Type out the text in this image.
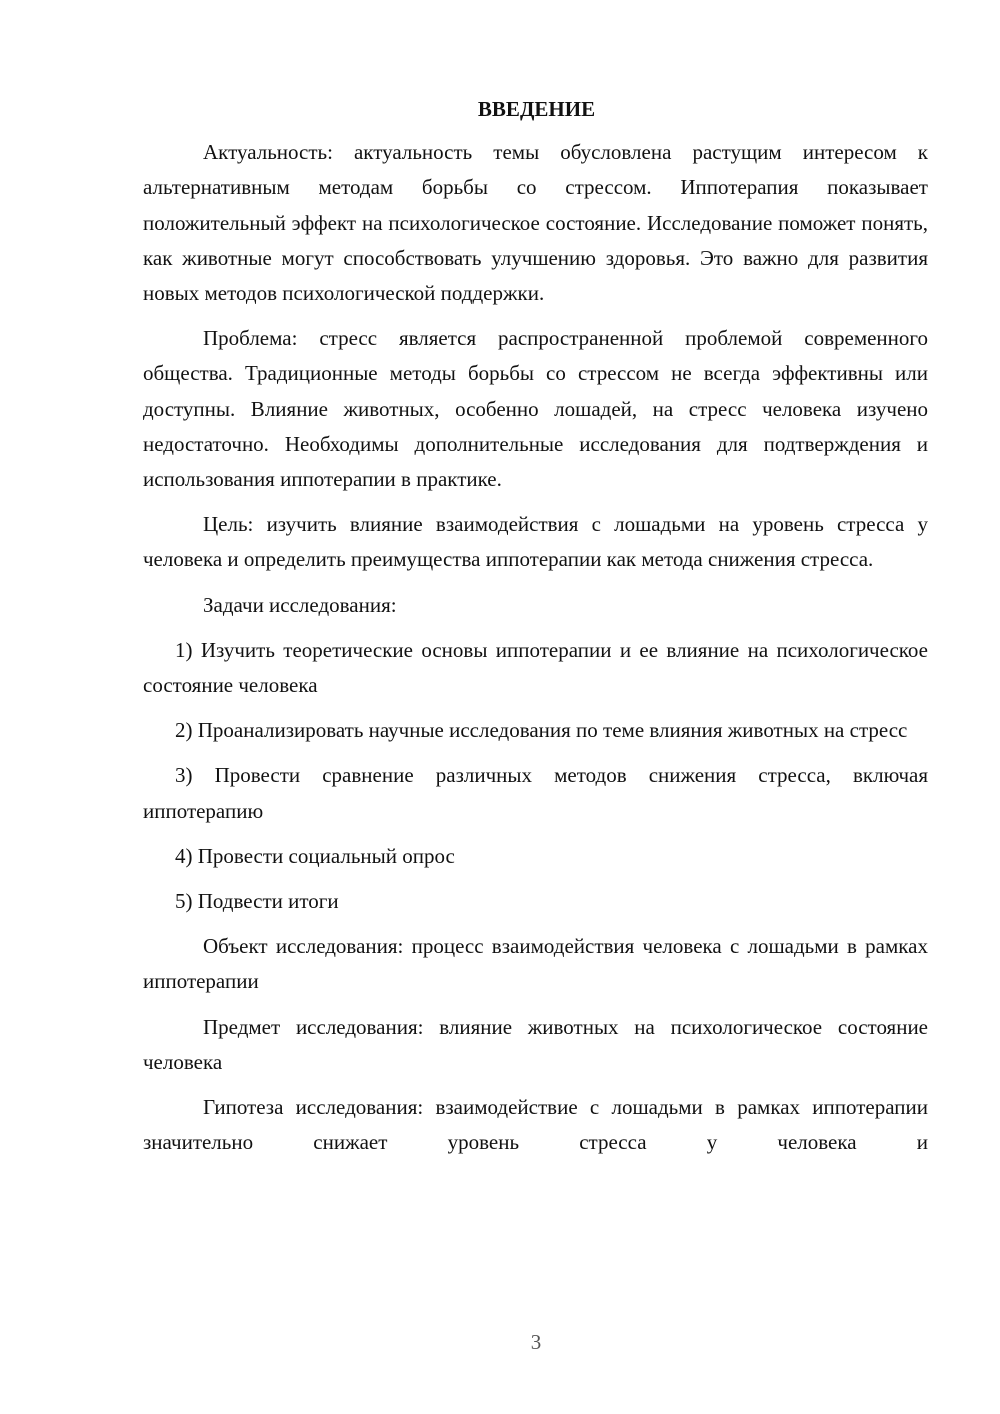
ВВЕДЕНИЕ

Актуальность: актуальность темы обусловлена растущим интересом к альтернативным методам борьбы со стрессом. Иппотерапия показывает положительный эффект на психологическое состояние. Исследование поможет понять, как животные могут способствовать улучшению здоровья. Это важно для развития новых методов психологической поддержки.

Проблема: стресс является распространенной проблемой современного общества. Традиционные методы борьбы со стрессом не всегда эффективны или доступны. Влияние животных, особенно лошадей, на стресс человека изучено недостаточно. Необходимы дополнительные исследования для подтверждения и использования иппотерапии в практике.

Цель: изучить влияние взаимодействия с лошадьми на уровень стресса у человека и определить преимущества иппотерапии как метода снижения стресса.

Задачи исследования:

1) Изучить теоретические основы иппотерапии и ее влияние на психологическое состояние человека

2) Проанализировать научные исследования по теме влияния животных на стресс

3) Провести сравнение различных методов снижения стресса, включая иппотерапию

4) Провести социальный опрос

5) Подвести итоги

Объект исследования: процесс взаимодействия человека с лошадьми в рамках иппотерапии

Предмет исследования: влияние животных на психологическое состояние человека

Гипотеза исследования: взаимодействие с лошадьми в рамках иппотерапии значительно снижает уровень стресса у человека и

3
